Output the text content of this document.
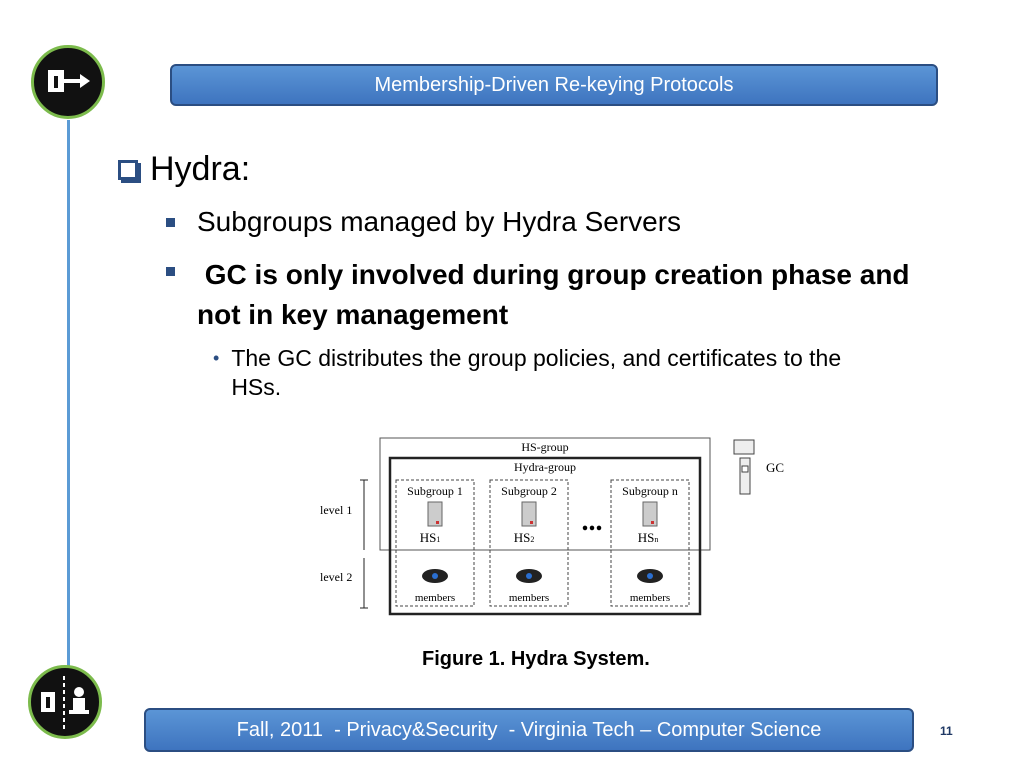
Membership-Driven Re-keying Protocols
Hydra:
Subgroups managed by Hydra Servers
GC is only involved during group creation phase and
not in key management
• The GC distributes the group policies, and certificates to the
HSs.
HS-group
Hydra-group
Subgroup 1	Subgroup 2	Subgroup n
HS1	HS2	HSn
...
members	members	members
level 1
level 2
GC
Figure 1. Hydra System.
Fall, 2011  - Privacy&Security  - Virginia Tech – Computer Science	11
